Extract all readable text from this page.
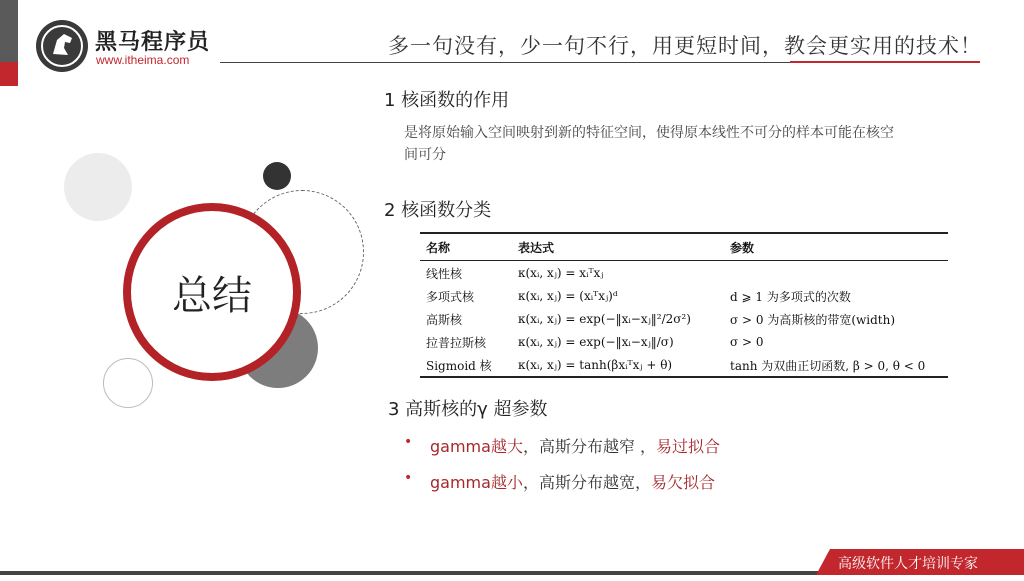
黑马程序员
www.itheima.com
多一句没有，少一句不行，用更短时间，教会更实用的技术！
总结
1 核函数的作用
是将原始输入空间映射到新的特征空间，使得原本线性不可分的样本可能在核空间可分
2 核函数分类
名称	表达式	参数
线性核	κ(xᵢ, xⱼ) = xᵢᵀxⱼ	
多项式核	κ(xᵢ, xⱼ) = (xᵢᵀxⱼ)ᵈ	d ⩾ 1 为多项式的次数
高斯核	κ(xᵢ, xⱼ) = exp(−‖xᵢ−xⱼ‖²/2σ²)	σ > 0 为高斯核的带宽(width)
拉普拉斯核	κ(xᵢ, xⱼ) = exp(−‖xᵢ−xⱼ‖/σ)	σ > 0
Sigmoid 核	κ(xᵢ, xⱼ) = tanh(βxᵢᵀxⱼ + θ)	tanh 为双曲正切函数, β > 0, θ < 0
3 高斯核的γ 超参数
• gamma越大，高斯分布越窄 ，易过拟合
• gamma越小，高斯分布越宽，易欠拟合
高级软件人才培训专家
